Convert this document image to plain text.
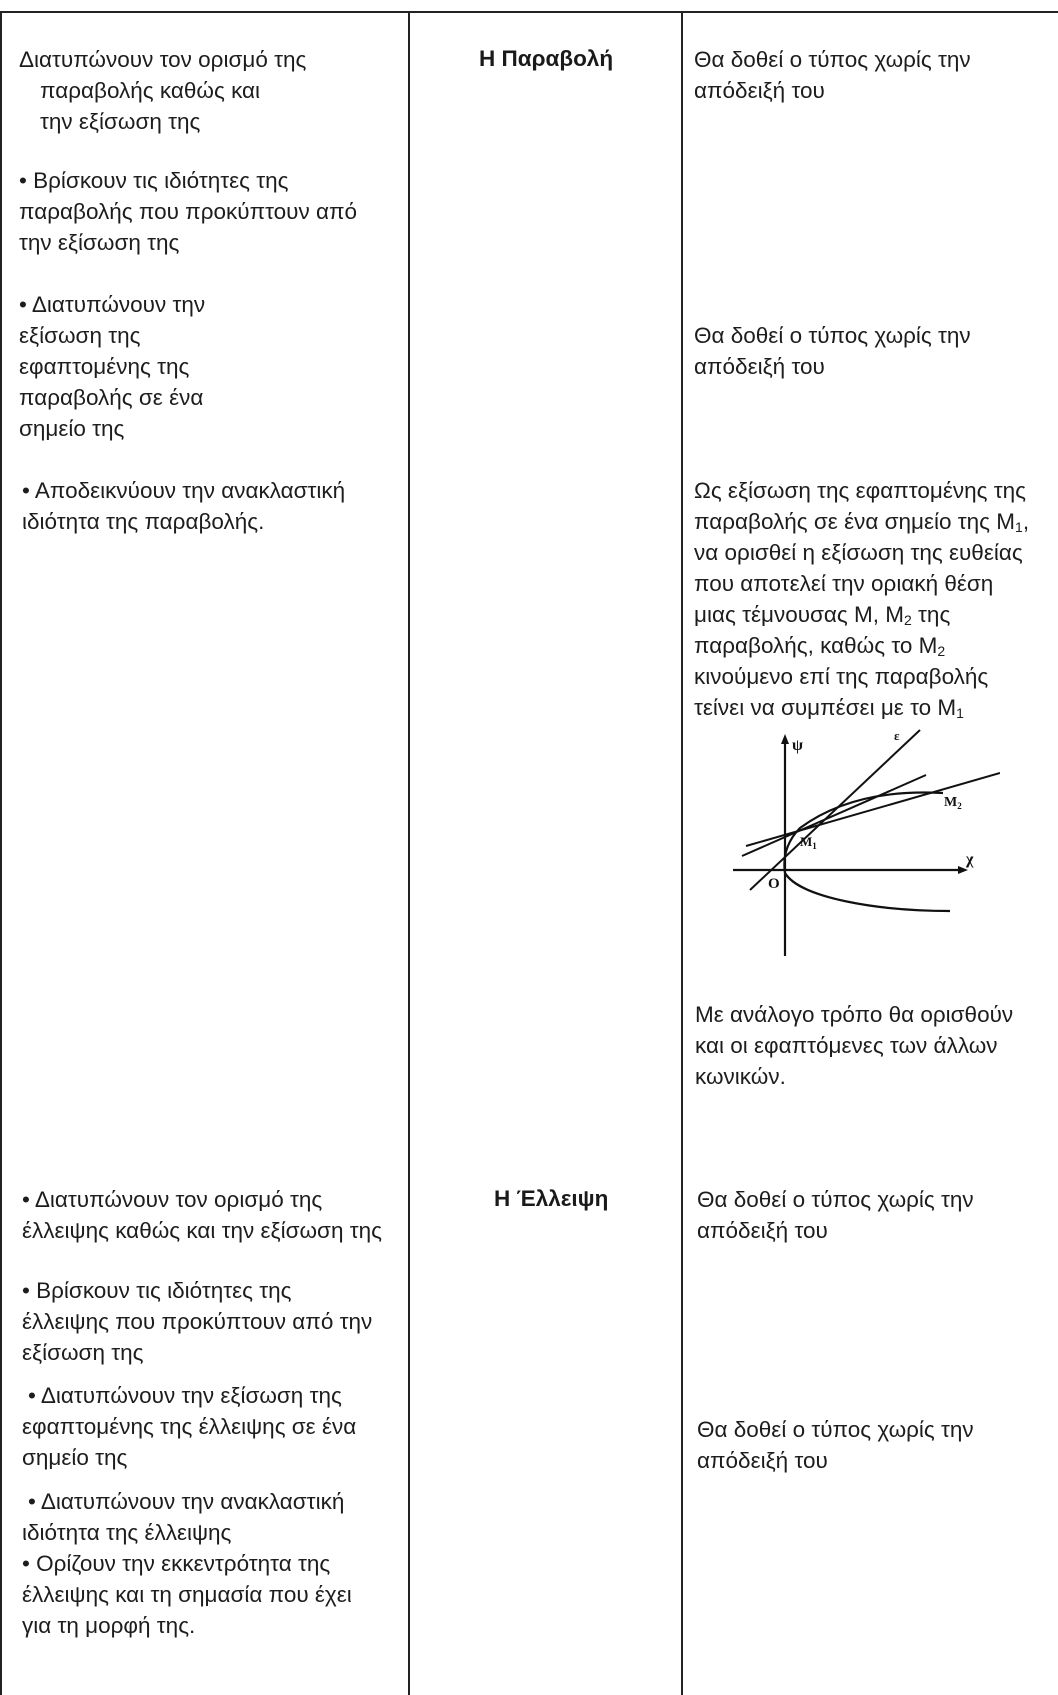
Η Παραβολή
Διατυπώνουν τον ορισμό της
παραβολής καθώς και
την εξίσωση της
• Βρίσκουν τις ιδιότητες της
παραβολής που προκύπτουν από
την εξίσωση της
• Διατυπώνουν την
εξίσωση της
εφαπτομένης της
παραβολής σε ένα
σημείο της
• Αποδεικνύουν την ανακλαστική
ιδιότητα της παραβολής.
Θα δοθεί ο τύπος χωρίς την
απόδειξή του
Θα δοθεί ο τύπος χωρίς την
απόδειξή του
Ως εξίσωση της εφαπτομένης της
παραβολής σε ένα σημείο της $M_1$,
να ορισθεί η εξίσωση της ευθείας
που αποτελεί την οριακή θέση
μιας τέμνουσας Μ, $M_2$ της
παραβολής, καθώς το $M_2$
κινούμενο επί της παραβολής
τείνει να συμπέσει με το $M_1$
ψ
χ
ε
O
$M_1$
$M_2$
Με ανάλογο τρόπο θα ορισθούν
και οι εφαπτόμενες των άλλων
κωνικών.
Η Έλλειψη
• Διατυπώνουν τον ορισμό της
έλλειψης καθώς και την εξίσωση της
• Βρίσκουν τις ιδιότητες της
έλλειψης που προκύπτουν από την
εξίσωση της
• Διατυπώνουν την εξίσωση της
εφαπτομένης της έλλειψης σε ένα
σημείο της
• Διατυπώνουν την ανακλαστική
ιδιότητα της έλλειψης
• Ορίζουν την εκκεντρότητα της
έλλειψης και τη σημασία που έχει
για τη μορφή της.
Θα δοθεί ο τύπος χωρίς την
απόδειξή του
Θα δοθεί ο τύπος χωρίς την
απόδειξή του
